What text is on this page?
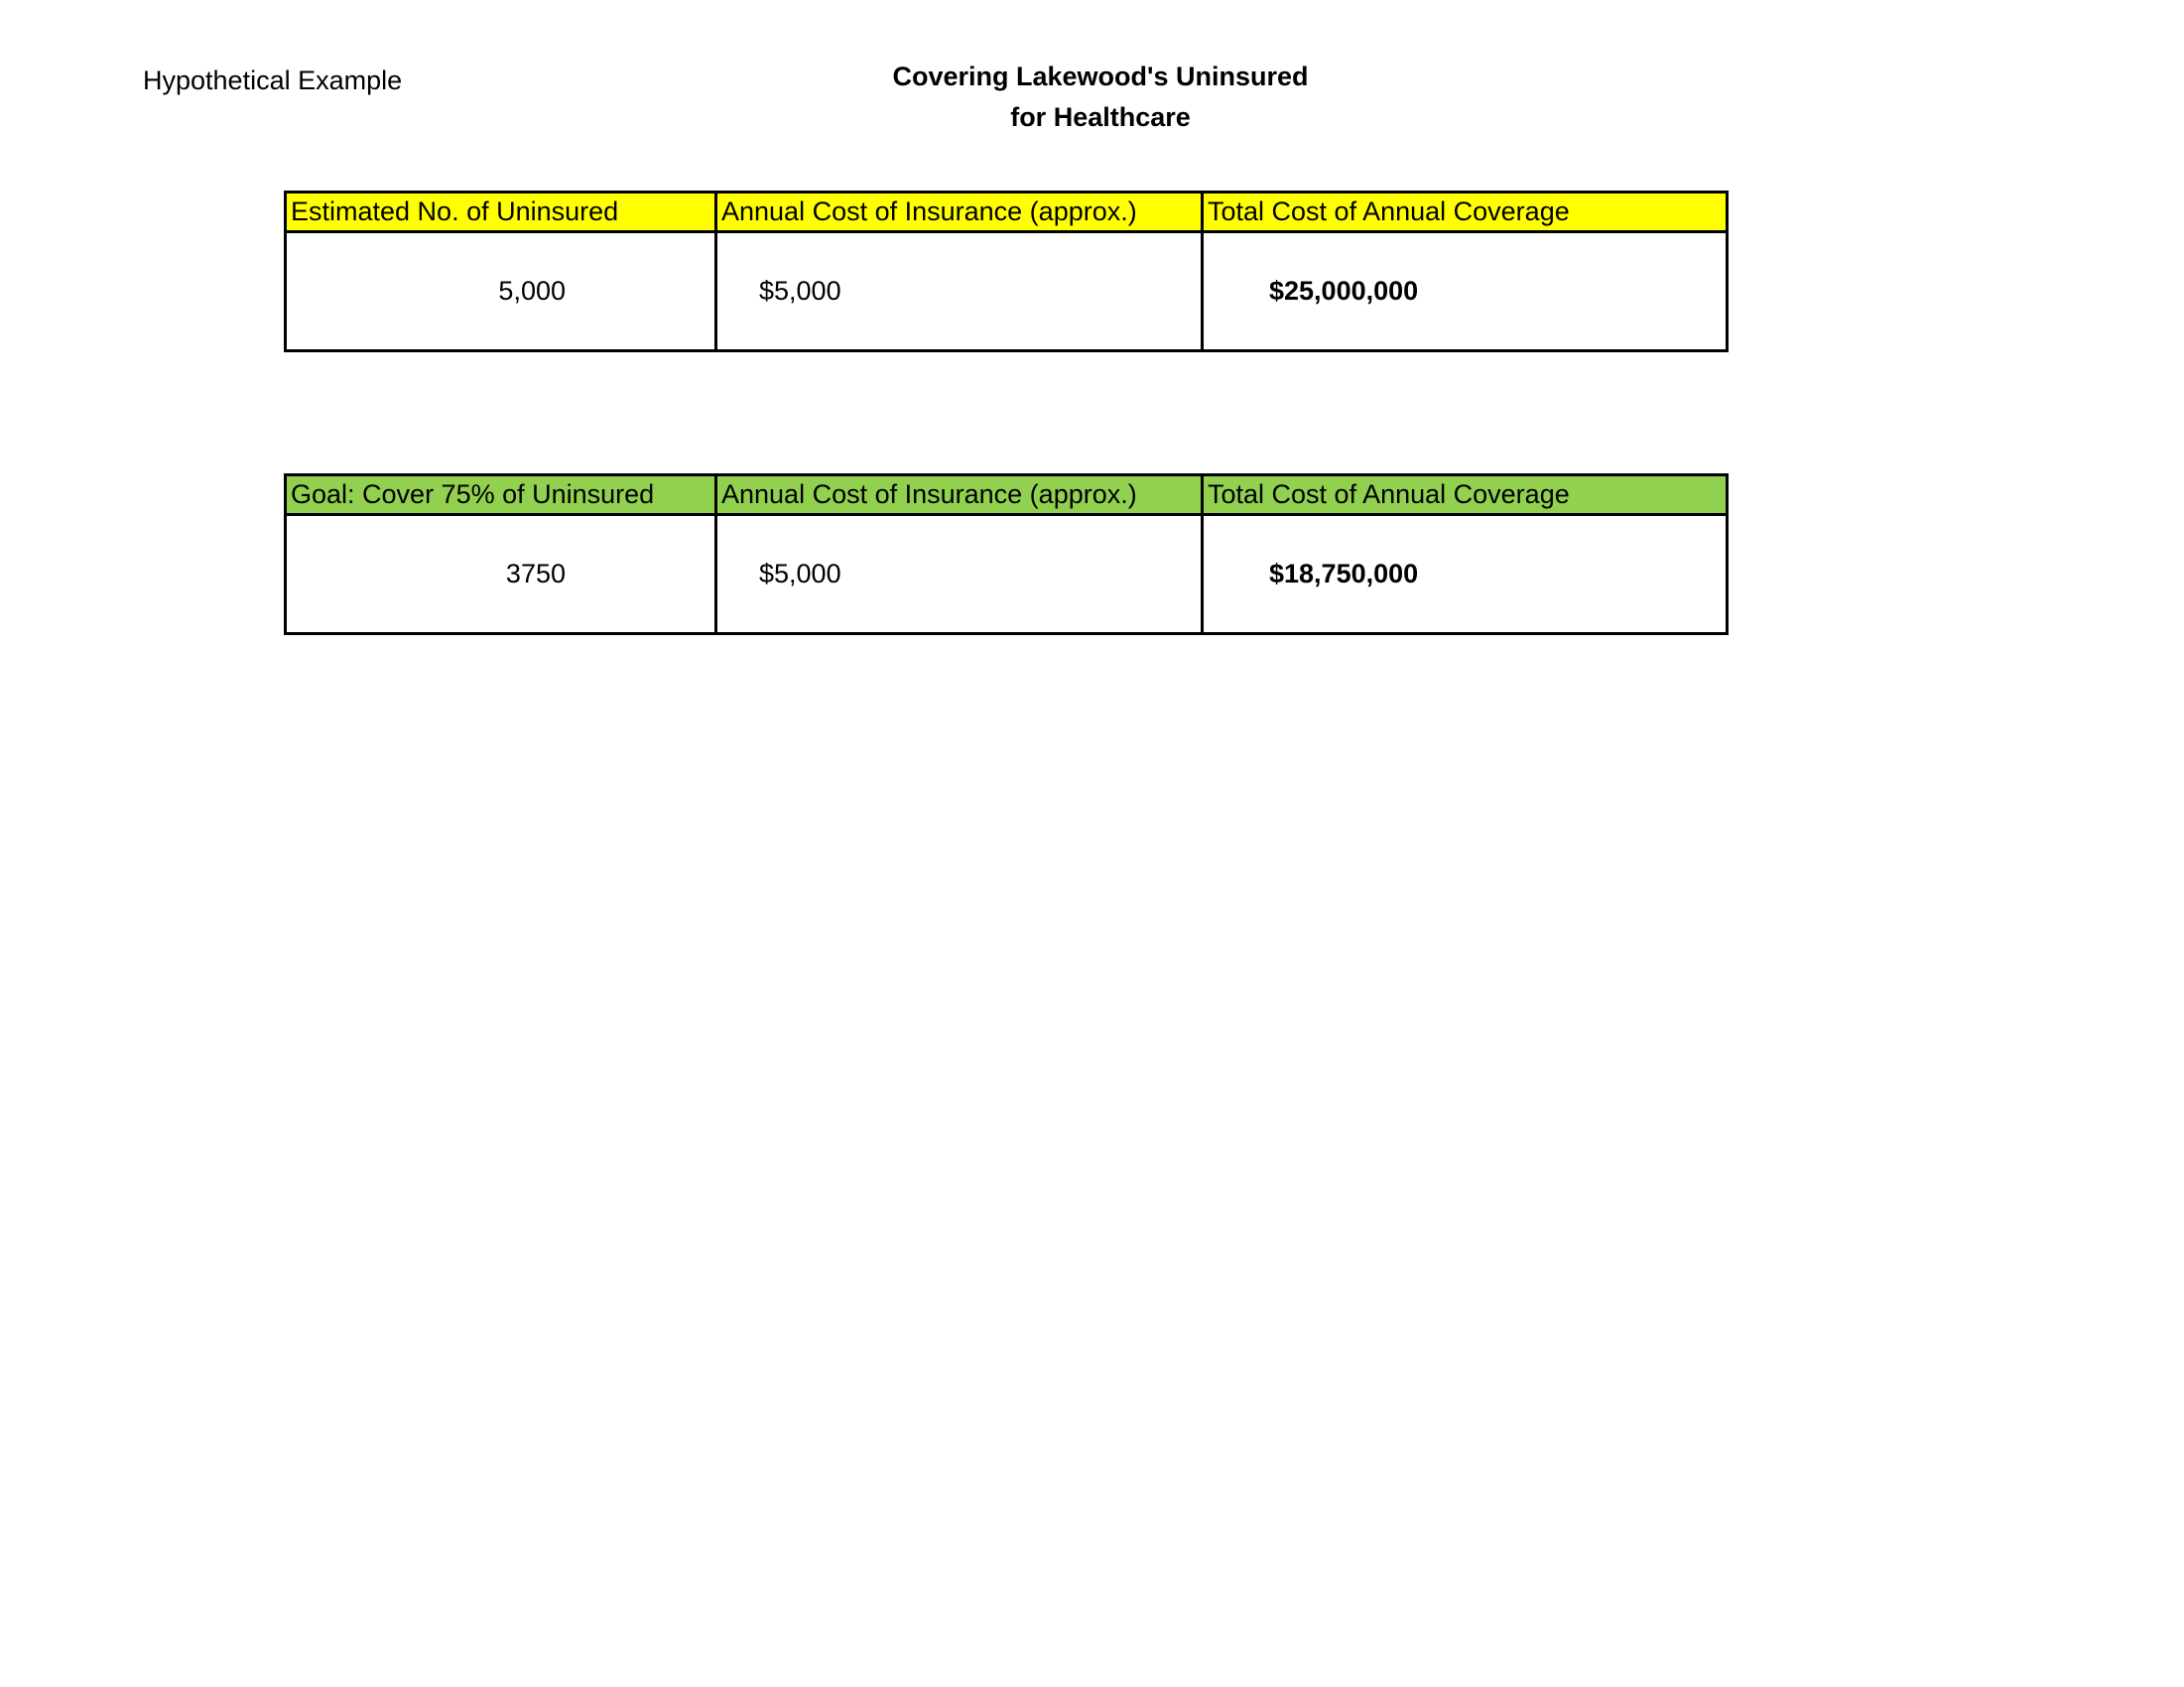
Hypothetical Example	Covering Lakewood's Uninsured
for Healthcare
Estimated No. of Uninsured	Annual Cost of Insurance (approx.)	Total Cost of Annual Coverage
5,000	$5,000	$25,000,000
Goal: Cover 75% of Uninsured	Annual Cost of Insurance (approx.)	Total Cost of Annual Coverage
3750	$5,000	$18,750,000
